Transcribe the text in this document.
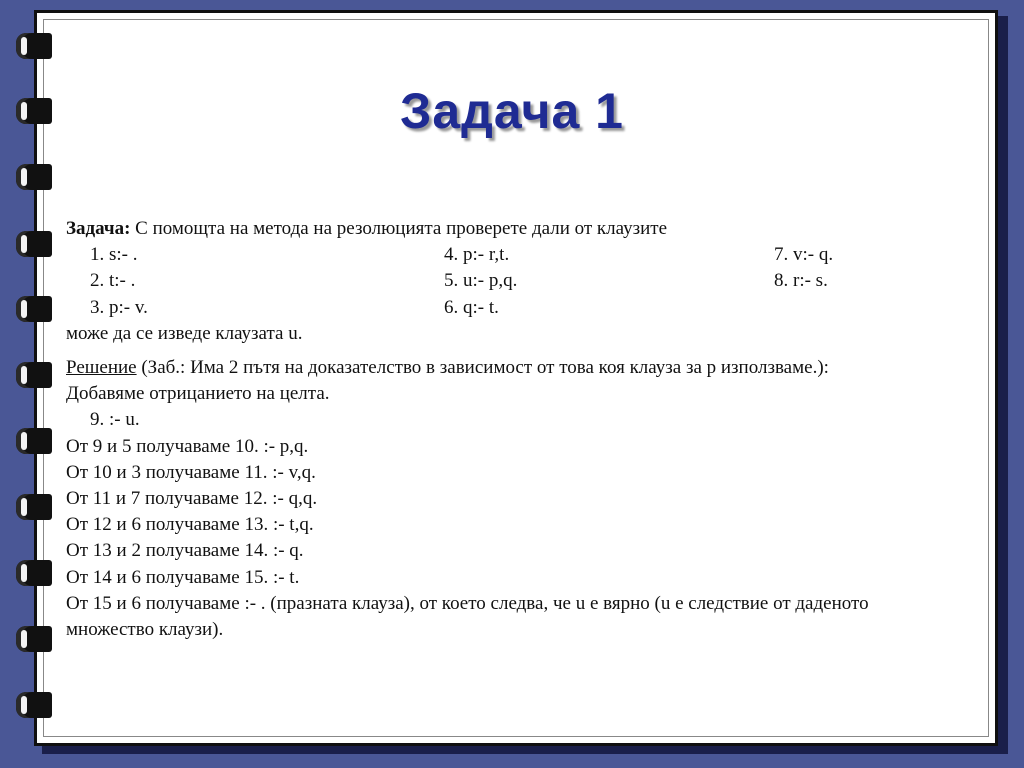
Задача 1
Задача: С помощта на метода на резолюцията проверете дали от клаузите
1. s:- .	4. p:- r,t.	7. v:- q.
2. t:- .	5. u:- p,q.	8. r:- s.
3. p:- v.	6. q:- t.
може да се изведе клаузата u.
Решение (Заб.: Има 2 пътя на доказателство в зависимост от това коя клауза за p използваме.):
Добавяме отрицанието на целта.
9. :- u.
От 9 и 5 получаваме 10. :- p,q.
От 10 и 3 получаваме 11. :- v,q.
От 11 и 7 получаваме 12. :- q,q.
От 12 и 6 получаваме 13. :- t,q.
От 13 и 2 получаваме 14. :- q.
От 14 и 6 получаваме 15. :- t.
От 15 и 6 получаваме :- . (празната клауза), от което следва, че u е вярно (u е следствие от даденото
множество клаузи).
